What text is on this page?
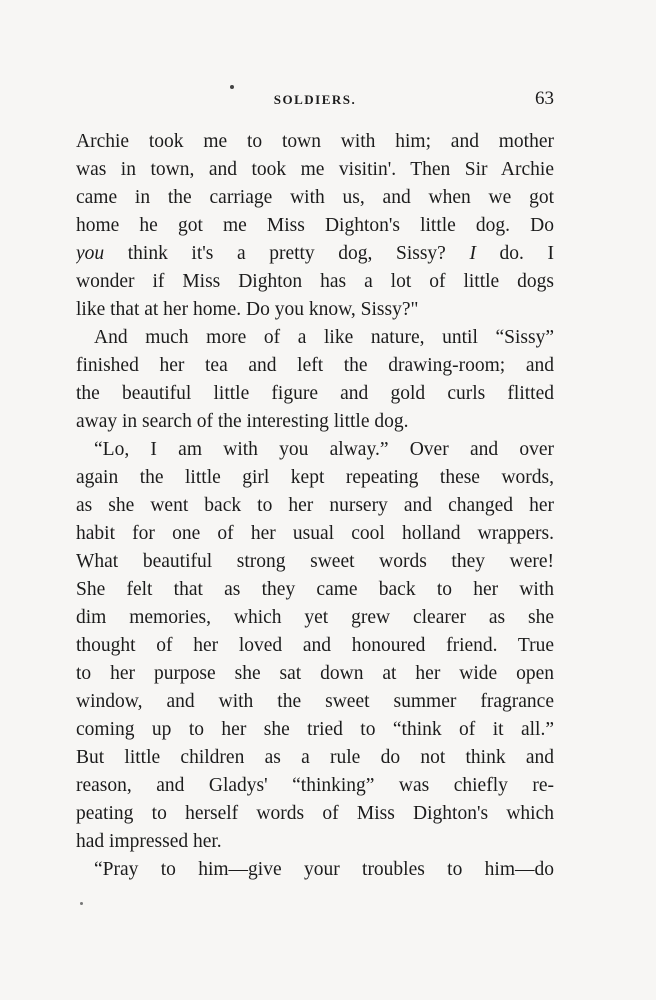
SOLDIERS.	63
Archie took me to town with him; and mother
was in town, and took me visitin'. Then Sir Archie
came in the carriage with us, and when we got
home he got me Miss Dighton's little dog. Do
you think it's a pretty dog, Sissy? I do. I
wonder if Miss Dighton has a lot of little dogs
like that at her home. Do you know, Sissy?"
And much more of a like nature, until “Sissy”
finished her tea and left the drawing-room; and
the beautiful little figure and gold curls flitted
away in search of the interesting little dog.
“Lo, I am with you alway.” Over and over
again the little girl kept repeating these words,
as she went back to her nursery and changed her
habit for one of her usual cool holland wrappers.
What beautiful strong sweet words they were!
She felt that as they came back to her with
dim memories, which yet grew clearer as she
thought of her loved and honoured friend. True
to her purpose she sat down at her wide open
window, and with the sweet summer fragrance
coming up to her she tried to “think of it all.”
But little children as a rule do not think and
reason, and Gladys' “thinking” was chiefly re-
peating to herself words of Miss Dighton's which
had impressed her.
“Pray to him—give your troubles to him—do
